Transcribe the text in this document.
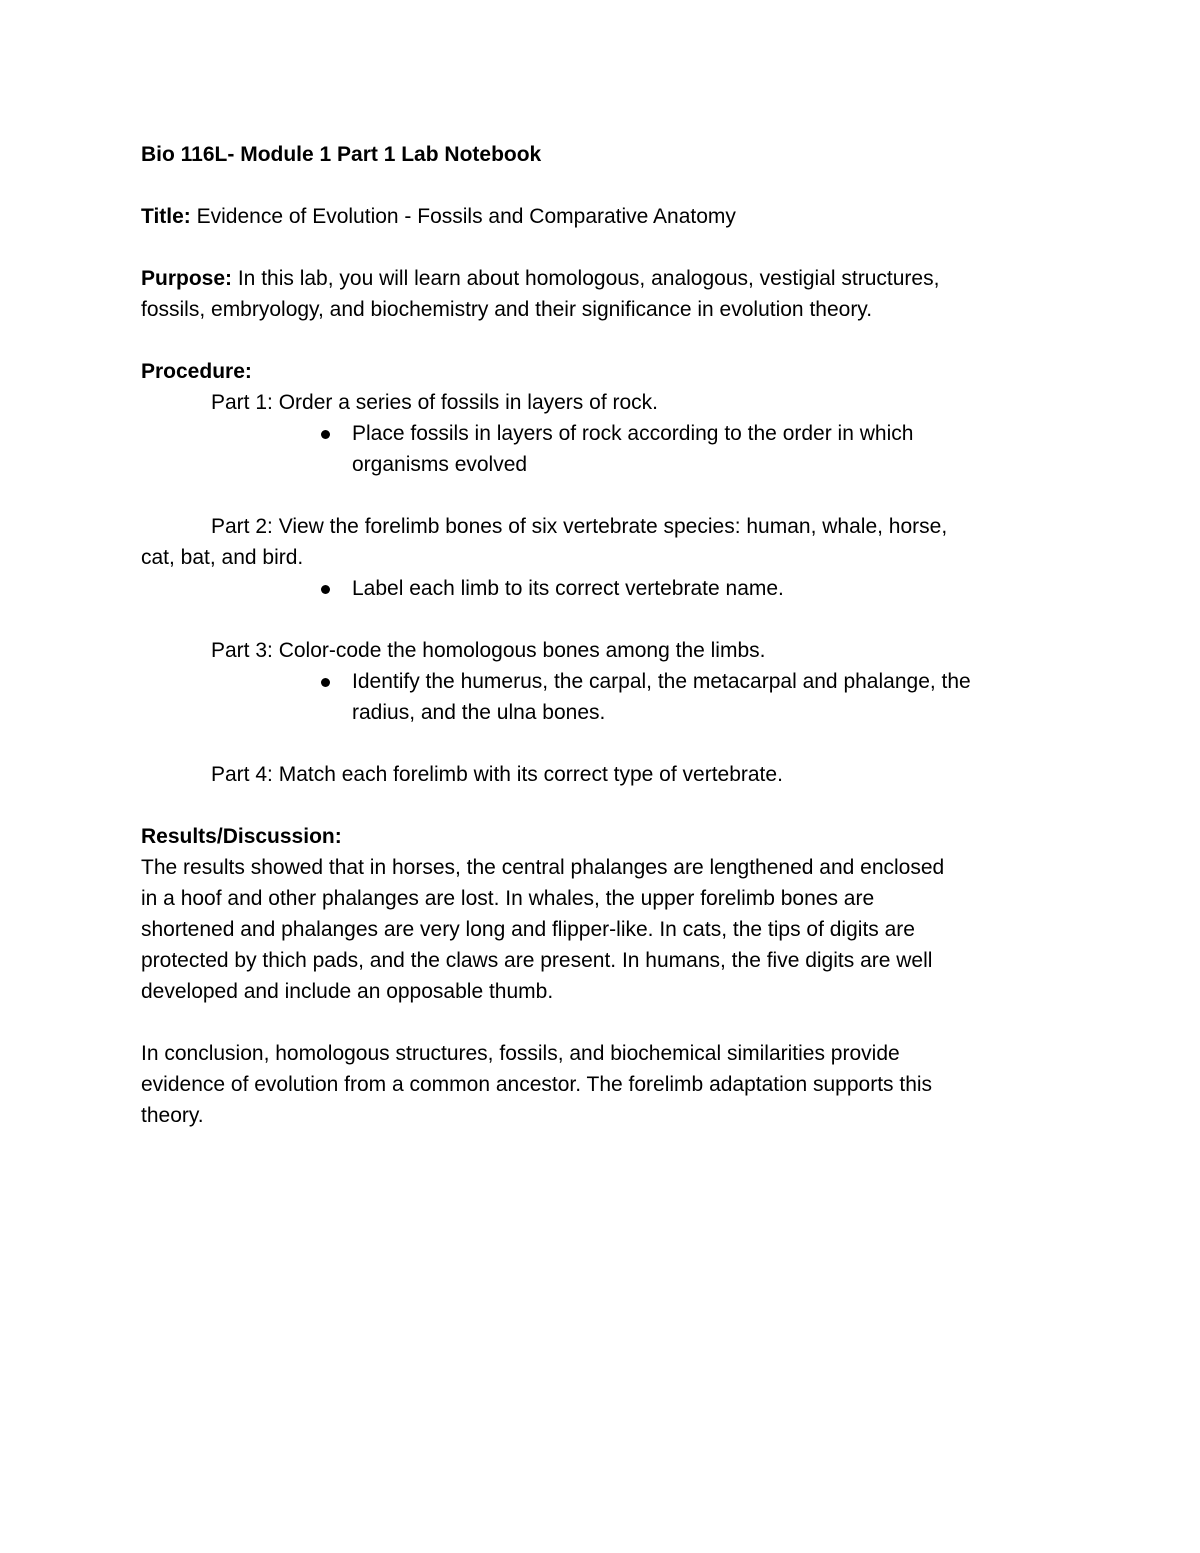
Bio 116L- Module 1 Part 1 Lab Notebook

Title: Evidence of Evolution - Fossils and Comparative Anatomy

Purpose: In this lab, you will learn about homologous, analogous, vestigial structures,

fossils, embryology, and biochemistry and their significance in evolution theory.

Procedure:

Part 1: Order a series of fossils in layers of rock.

Place fossils in layers of rock according to the order in which
organisms evolved

Part 2: View the forelimb bones of six vertebrate species: human, whale, horse,

cat, bat, and bird.

Label each limb to its correct vertebrate name.

Part 3: Color-code the homologous bones among the limbs.

Identify the humerus, the carpal, the metacarpal and phalange, the
radius, and the ulna bones.

Part 4: Match each forelimb with its correct type of vertebrate.

Results/Discussion:

The results showed that in horses, the central phalanges are lengthened and enclosed

in a hoof and other phalanges are lost. In whales, the upper forelimb bones are

shortened and phalanges are very long and flipper-like. In cats, the tips of digits are

protected by thich pads, and the claws are present. In humans, the five digits are well

developed and include an opposable thumb.

In conclusion, homologous structures, fossils, and biochemical similarities provide

evidence of evolution from a common ancestor. The forelimb adaptation supports this

theory.
